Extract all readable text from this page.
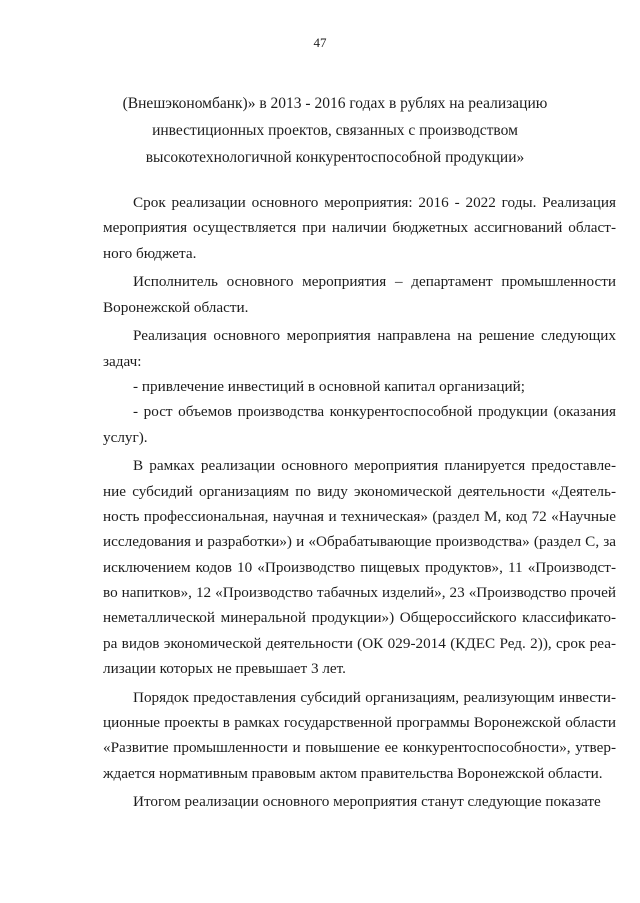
47
(Внешэкономбанк)» в 2013 - 2016 годах в рублях на реализацию
инвестиционных проектов, связанных с производством
высокотехнологичной конкурентоспособной продукции»

Срок реализации основного мероприятия: 2016 - 2022 годы. Реализация мероприятия осуществляется при наличии бюджетных ассигнований областного бюджета.

Исполнитель основного мероприятия – департамент промышленности Воронежской области.

Реализация основного мероприятия направлена на решение следующих задач:

- привлечение инвестиций в основной капитал организаций;

- рост объемов производства конкурентоспособной продукции (оказания услуг).

В рамках реализации основного мероприятия планируется предоставление субсидий организациям по виду экономической деятельности «Деятельность профессиональная, научная и техническая» (раздел М, код 72 «Научные исследования и разработки») и «Обрабатывающие производства» (раздел С, за исключением кодов 10 «Производство пищевых продуктов», 11 «Производство напитков», 12 «Производство табачных изделий», 23 «Производство прочей неметаллической минеральной продукции») Общероссийского классификатора видов экономической деятельности (ОК 029-2014 (КДЕС Ред. 2)), срок реализации которых не превышает 3 лет.

Порядок предоставления субсидий организациям, реализующим инвестиционные проекты в рамках государственной программы Воронежской области «Развитие промышленности и повышение ее конкурентоспособности», утверждается нормативным правовым актом правительства Воронежской области.

Итогом реализации основного мероприятия станут следующие показате
